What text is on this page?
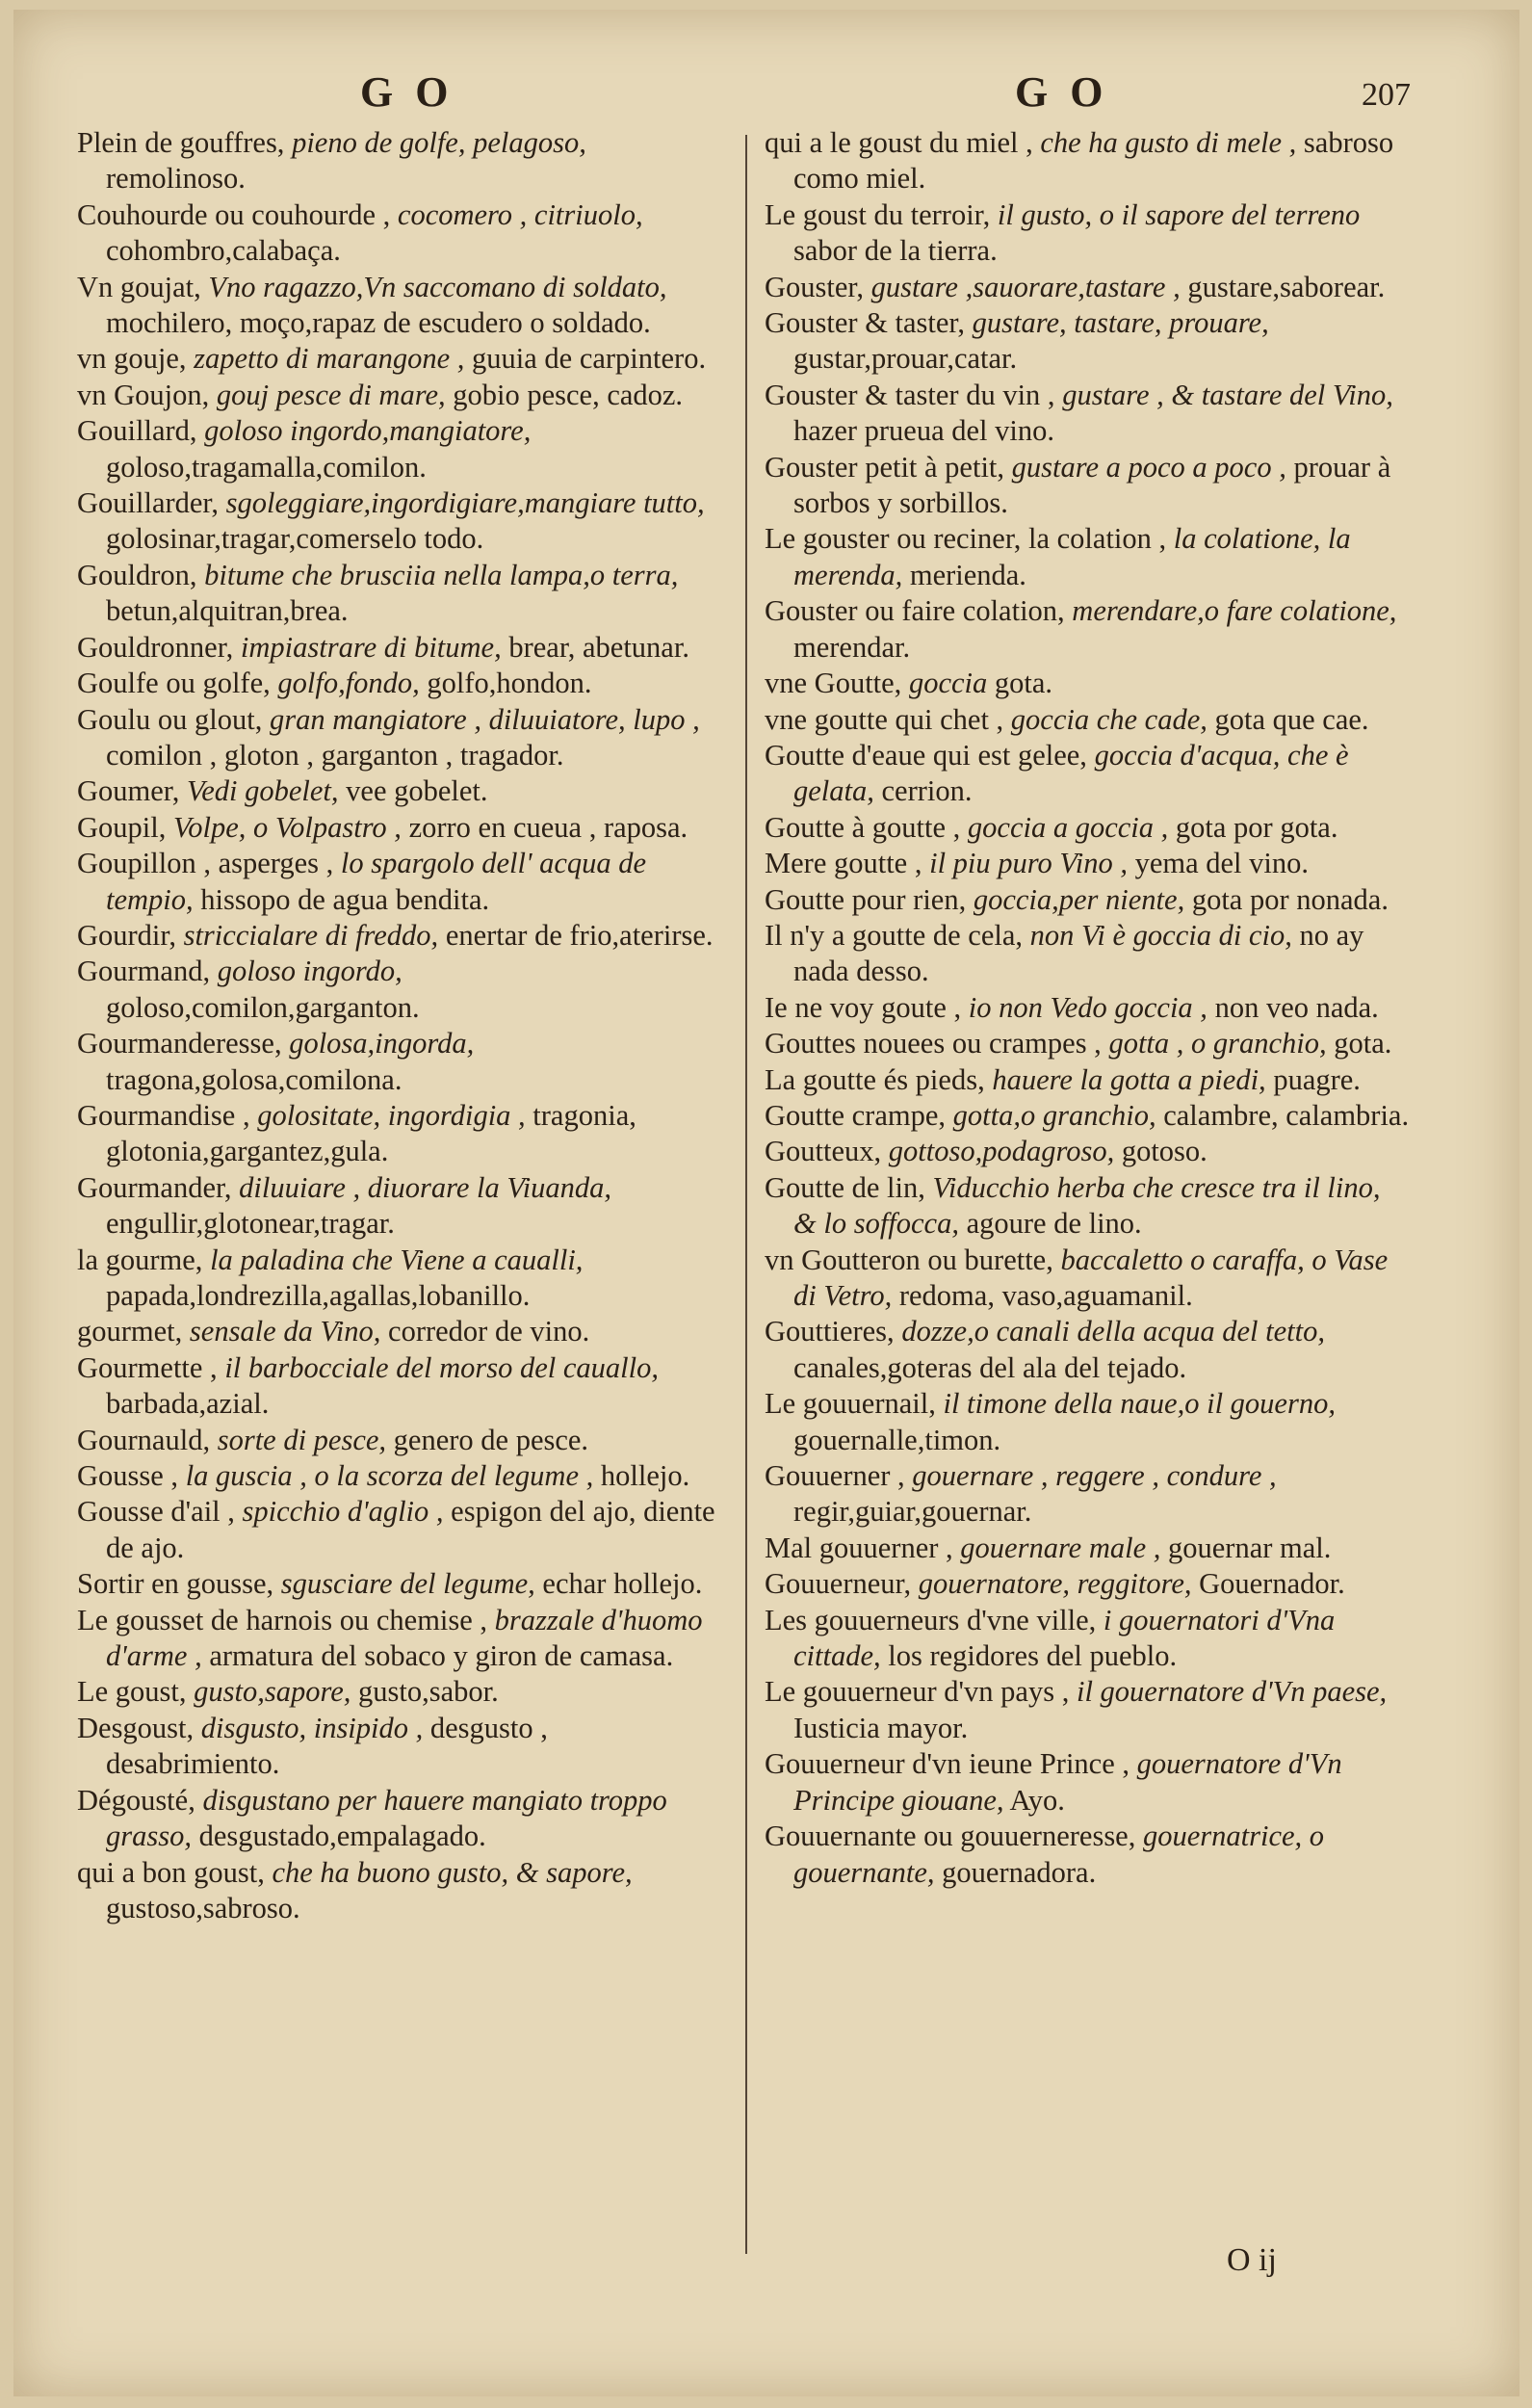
G O	G O	207

Plein de gouffres, pieno de golfe, pelagoso, remolinoso.

Couhourde ou couhourde , cocomero , citriuolo, cohombro,calabaça.

Vn goujat, Vno ragazzo,Vn saccomano di soldato, mochilero, moço,rapaz de escudero o soldado.

vn gouje, zapetto di marangone , guuia de carpintero.

vn Goujon, gouj pesce di mare, gobio pesce, cadoz.

Gouillard, goloso ingordo,mangiatore, goloso,tragamalla,comilon.

Gouillarder, sgoleggiare,ingordigiare,mangiare tutto, golosinar,tragar,comerselo todo.

Gouldron, bitume che brusciia nella lampa,o terra, betun,alquitran,brea.

Gouldronner, impiastrare di bitume, brear, abetunar.

Goulfe ou golfe, golfo,fondo, golfo,hondon.

Goulu ou glout, gran mangiatore , diluuiatore, lupo , comilon , gloton , garganton , tragador.

Goumer, Vedi gobelet, vee gobelet.

Goupil, Volpe, o Volpastro , zorro en cueua , raposa.

Goupillon , asperges , lo spargolo dell' acqua de tempio, hissopo de agua bendita.

Gourdir, striccialare di freddo, enertar de frio,aterirse.

Gourmand, goloso ingordo, goloso,comilon,garganton.

Gourmanderesse, golosa,ingorda, tragona,golosa,comilona.

Gourmandise , golositate, ingordigia , tragonia, glotonia,gargantez,gula.

Gourmander, diluuiare , diuorare la Viuanda, engullir,glotonear,tragar.

la gourme, la paladina che Viene a caualli, papada,londrezilla,agallas,lobanillo.

gourmet, sensale da Vino, corredor de vino.

Gourmette , il barbocciale del morso del cauallo, barbada,azial.

Gournauld, sorte di pesce, genero de pesce.

Gousse , la guscia , o la scorza del legume , hollejo.

Gousse d'ail , spicchio d'aglio , espigon del ajo, diente de ajo.

Sortir en gousse, sgusciare del legume, echar hollejo.

Le gousset de harnois ou chemise , brazzale d'huomo d'arme , armatura del sobaco y giron de camasa.

Le goust, gusto,sapore, gusto,sabor.

Desgoust, disgusto, insipido , desgusto , desabrimiento.

Dégousté, disgustano per hauere mangiato troppo grasso, desgustado,empalagado.

qui a bon goust, che ha buono gusto, & sapore, gustoso,sabroso.

qui a le goust du miel , che ha gusto di mele , sabroso como miel.

Le goust du terroir, il gusto, o il sapore del terreno sabor de la tierra.

Gouster, gustare ,sauorare,tastare , gustare,saborear.

Gouster & taster, gustare, tastare, prouare, gustar,prouar,catar.

Gouster & taster du vin , gustare , & tastare del Vino, hazer prueua del vino.

Gouster petit à petit, gustare a poco a poco , prouar à sorbos y sorbillos.

Le gouster ou reciner, la colation , la colatione, la merenda, merienda.

Gouster ou faire colation, merendare,o fare colatione, merendar.

vne Goutte, goccia gota.

vne goutte qui chet , goccia che cade, gota que cae.

Goutte d'eaue qui est gelee, goccia d'acqua, che è gelata, cerrion.

Goutte à goutte , goccia a goccia , gota por gota.

Mere goutte , il piu puro Vino , yema del vino.

Goutte pour rien, goccia,per niente, gota por nonada.

Il n'y a goutte de cela, non Vi è goccia di cio, no ay nada desso.

Ie ne voy goute , io non Vedo goccia , non veo nada.

Gouttes nouees ou crampes , gotta , o granchio, gota.

La goutte és pieds, hauere la gotta a piedi, puagre.

Goutte crampe, gotta,o granchio, calambre, calambria.

Goutteux, gottoso,podagroso, gotoso.

Goutte de lin, Viducchio herba che cresce tra il lino, & lo soffocca, agoure de lino.

vn Goutteron ou burette, baccaletto o caraffa, o Vase di Vetro, redoma, vaso,aguamanil.

Gouttieres, dozze,o canali della acqua del tetto, canales,goteras del ala del tejado.

Le gouuernail, il timone della naue,o il gouerno, gouernalle,timon.

Gouuerner , gouernare , reggere , condure , regir,guiar,gouernar.

Mal gouuerner , gouernare male , gouernar mal.

Gouuerneur, gouernatore, reggitore, Gouernador.

Les gouuerneurs d'vne ville, i gouernatori d'Vna cittade, los regidores del pueblo.

Le gouuerneur d'vn pays , il gouernatore d'Vn paese, Iusticia mayor.

Gouuerneur d'vn ieune Prince , gouernatore d'Vn Principe giouane, Ayo.

Gouuernante ou gouuerneresse, gouernatrice, o gouernante, gouernadora.

O ij
